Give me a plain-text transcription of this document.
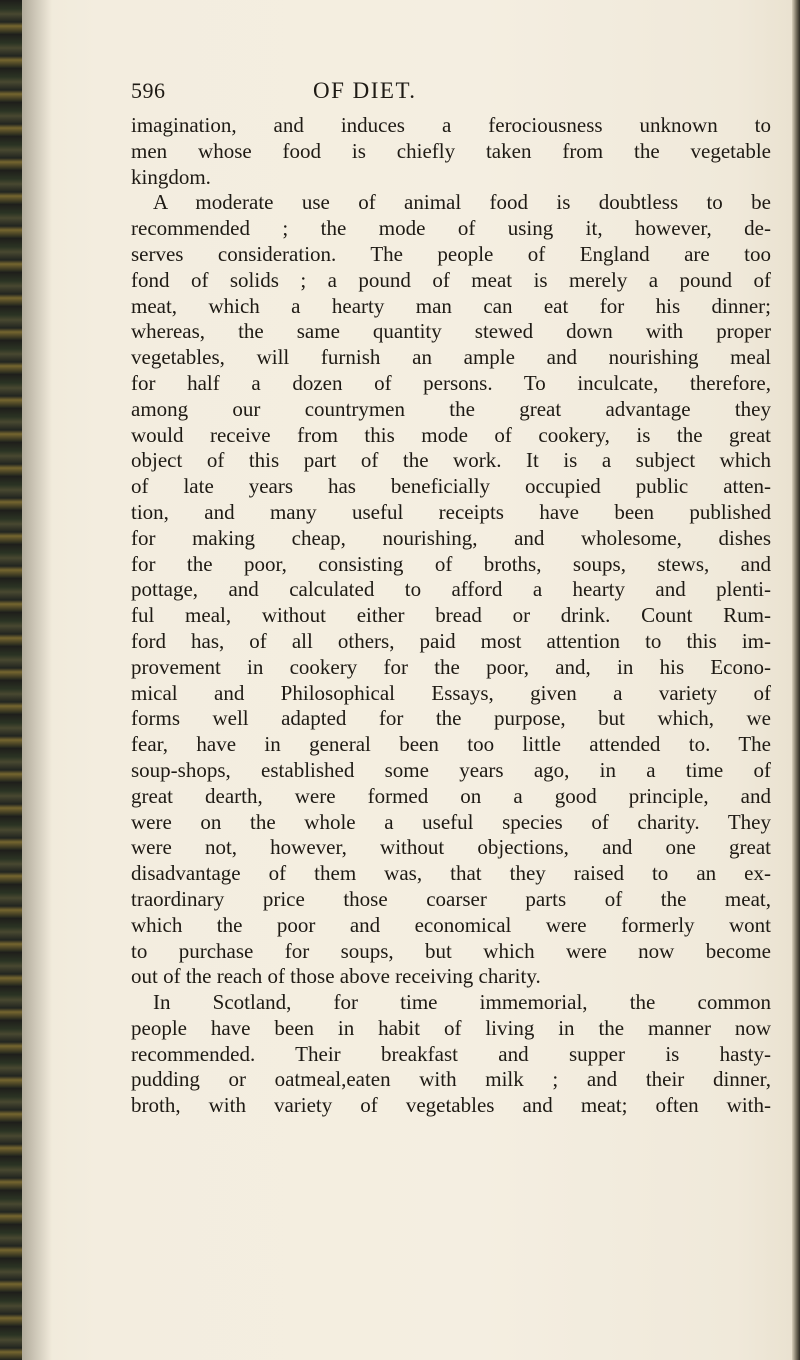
596	OF DIET.
imagination, and induces a ferociousness unknown to
men whose food is chiefly taken from the vegetable
kingdom.
A moderate use of animal food is doubtless to be
recommended ; the mode of using it, however, de-
serves consideration. The people of England are too
fond of solids ; a pound of meat is merely a pound of
meat, which a hearty man can eat for his dinner;
whereas, the same quantity stewed down with proper
vegetables, will furnish an ample and nourishing meal
for half a dozen of persons. To inculcate, therefore,
among our countrymen the great advantage they
would receive from this mode of cookery, is the great
object of this part of the work. It is a subject which
of late years has beneficially occupied public atten-
tion, and many useful receipts have been published
for making cheap, nourishing, and wholesome, dishes
for the poor, consisting of broths, soups, stews, and
pottage, and calculated to afford a hearty and plenti-
ful meal, without either bread or drink. Count Rum-
ford has, of all others, paid most attention to this im-
provement in cookery for the poor, and, in his Econo-
mical and Philosophical Essays, given a variety of
forms well adapted for the purpose, but which, we
fear, have in general been too little attended to. The
soup-shops, established some years ago, in a time of
great dearth, were formed on a good principle, and
were on the whole a useful species of charity. They
were not, however, without objections, and one great
disadvantage of them was, that they raised to an ex-
traordinary price those coarser parts of the meat,
which the poor and economical were formerly wont
to purchase for soups, but which were now become
out of the reach of those above receiving charity.
In Scotland, for time immemorial, the common
people have been in habit of living in the manner now
recommended. Their breakfast and supper is hasty-
pudding or oatmeal,eaten with milk ; and their dinner,
broth, with variety of vegetables and meat; often with-
